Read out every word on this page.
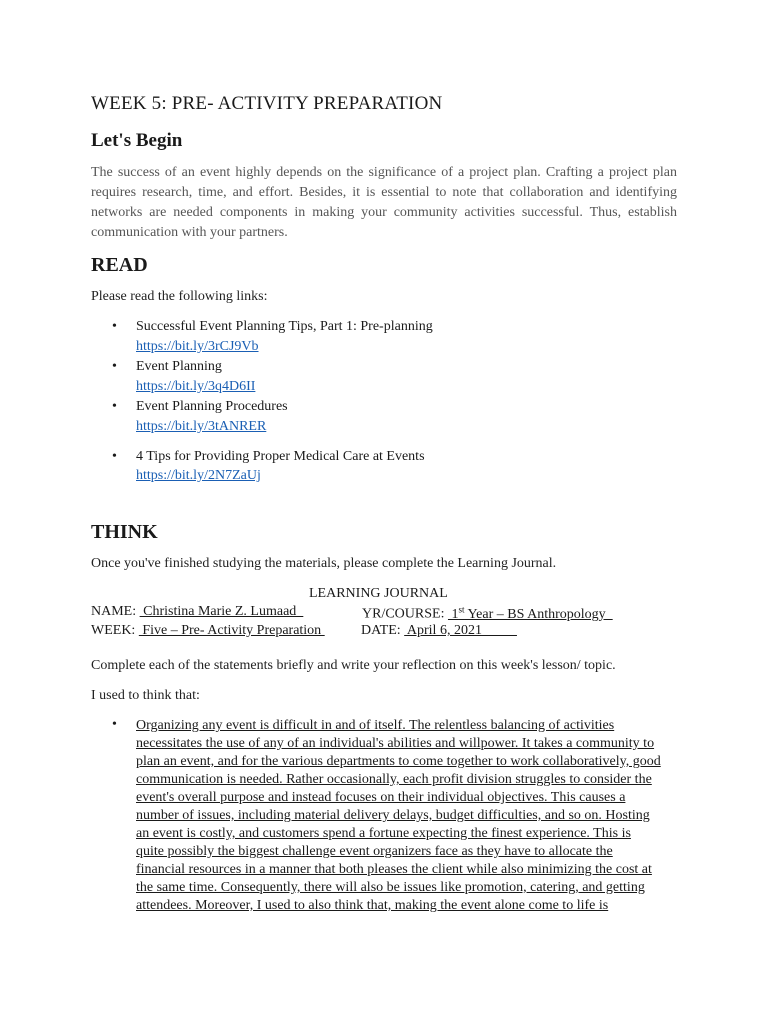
WEEK 5: PRE- ACTIVITY PREPARATION
Let's Begin
The success of an event highly depends on the significance of a project plan. Crafting a project plan requires research, time, and effort. Besides, it is essential to note that collaboration and identifying networks are needed components in making your community activities successful. Thus, establish communication with your partners.
READ
Please read the following links:
• Successful Event Planning Tips, Part 1: Pre-planning
https://bit.ly/3rCJ9Vb
• Event Planning
https://bit.ly/3q4D6II
• Event Planning Procedures
https://bit.ly/3tANRER
• 4 Tips for Providing Proper Medical Care at Events
https://bit.ly/2N7ZaUj
THINK
Once you've finished studying the materials, please complete the Learning Journal.
LEARNING JOURNAL
NAME:  Christina Marie Z. Lumaad	YR/COURSE:  1st Year – BS Anthropology
WEEK:  Five – Pre- Activity Preparation	DATE:  April 6, 2021
Complete each of the statements briefly and write your reflection on this week's lesson/ topic.
I used to think that:
• Organizing any event is difficult in and of itself. The relentless balancing of activities
necessitates the use of any of an individual's abilities and willpower. It takes a community to
plan an event, and for the various departments to come together to work collaboratively, good
communication is needed. Rather occasionally, each profit division struggles to consider the
event's overall purpose and instead focuses on their individual objectives. This causes a
number of issues, including material delivery delays, budget difficulties, and so on. Hosting
an event is costly, and customers spend a fortune expecting the finest experience. This is
quite possibly the biggest challenge event organizers face as they have to allocate the
financial resources in a manner that both pleases the client while also minimizing the cost at
the same time. Consequently, there will also be issues like promotion, catering, and getting
attendees. Moreover, I used to also think that, making the event alone come to life is
